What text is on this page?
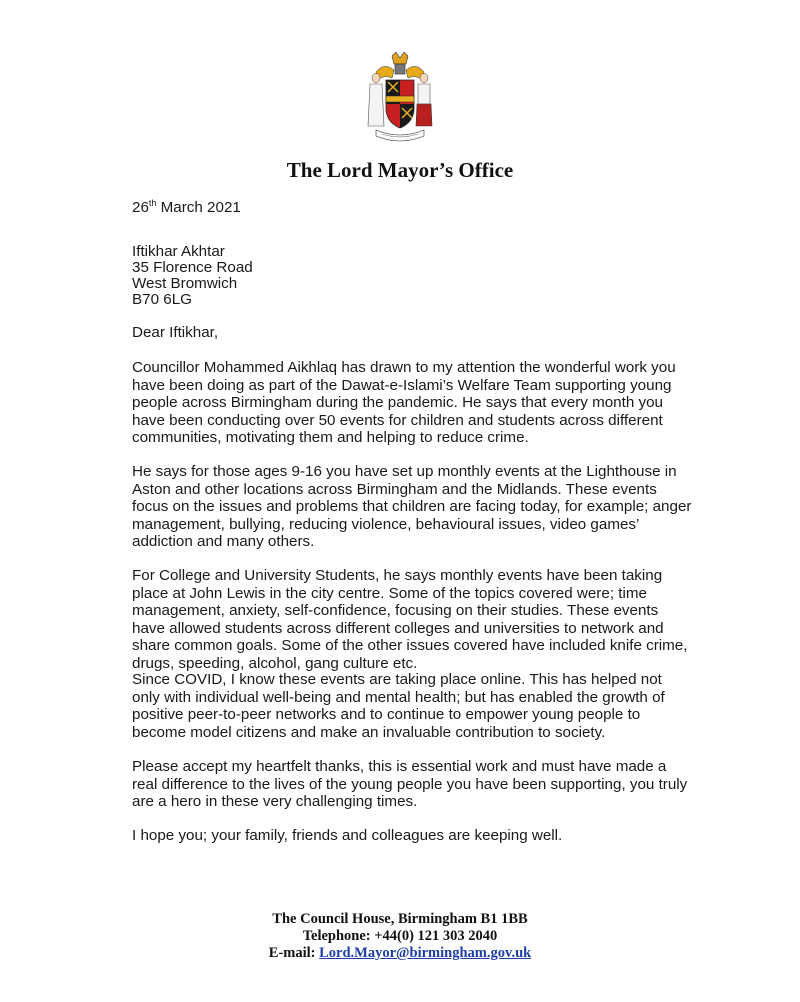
The Lord Mayor’s Office
26th March 2021
Iftikhar Akhtar
35 Florence Road
West Bromwich
B70 6LG
Dear Iftikhar,

Councillor Mohammed Aikhlaq has drawn to my attention the wonderful work you have been doing as part of the Dawat-e-Islami’s Welfare Team supporting young people across Birmingham during the pandemic. He says that every month you have been conducting over 50 events for children and students across different communities, motivating them and helping to reduce crime.

He says for those ages 9-16 you have set up monthly events at the Lighthouse in Aston and other locations across Birmingham and the Midlands. These events focus on the issues and problems that children are facing today, for example; anger management, bullying, reducing violence, behavioural issues, video games’ addiction and many others.

For College and University Students, he says monthly events have been taking place at John Lewis in the city centre. Some of the topics covered were; time management, anxiety, self-confidence, focusing on their studies. These events have allowed students across different colleges and universities to network and share common goals. Some of the other issues covered have included knife crime, drugs, speeding, alcohol, gang culture etc.

Since COVID, I know these events are taking place online. This has helped not only with individual well-being and mental health; but has enabled the growth of positive peer-to-peer networks and to continue to empower young people to become model citizens and make an invaluable contribution to society.

Please accept my heartfelt thanks, this is essential work and must have made a real difference to the lives of the young people you have been supporting, you truly are a hero in these very challenging times.

I hope you; your family, friends and colleagues are keeping well.

The Council House, Birmingham B1 1BB
Telephone: +44(0) 121 303 2040
E-mail: Lord.Mayor@birmingham.gov.uk
